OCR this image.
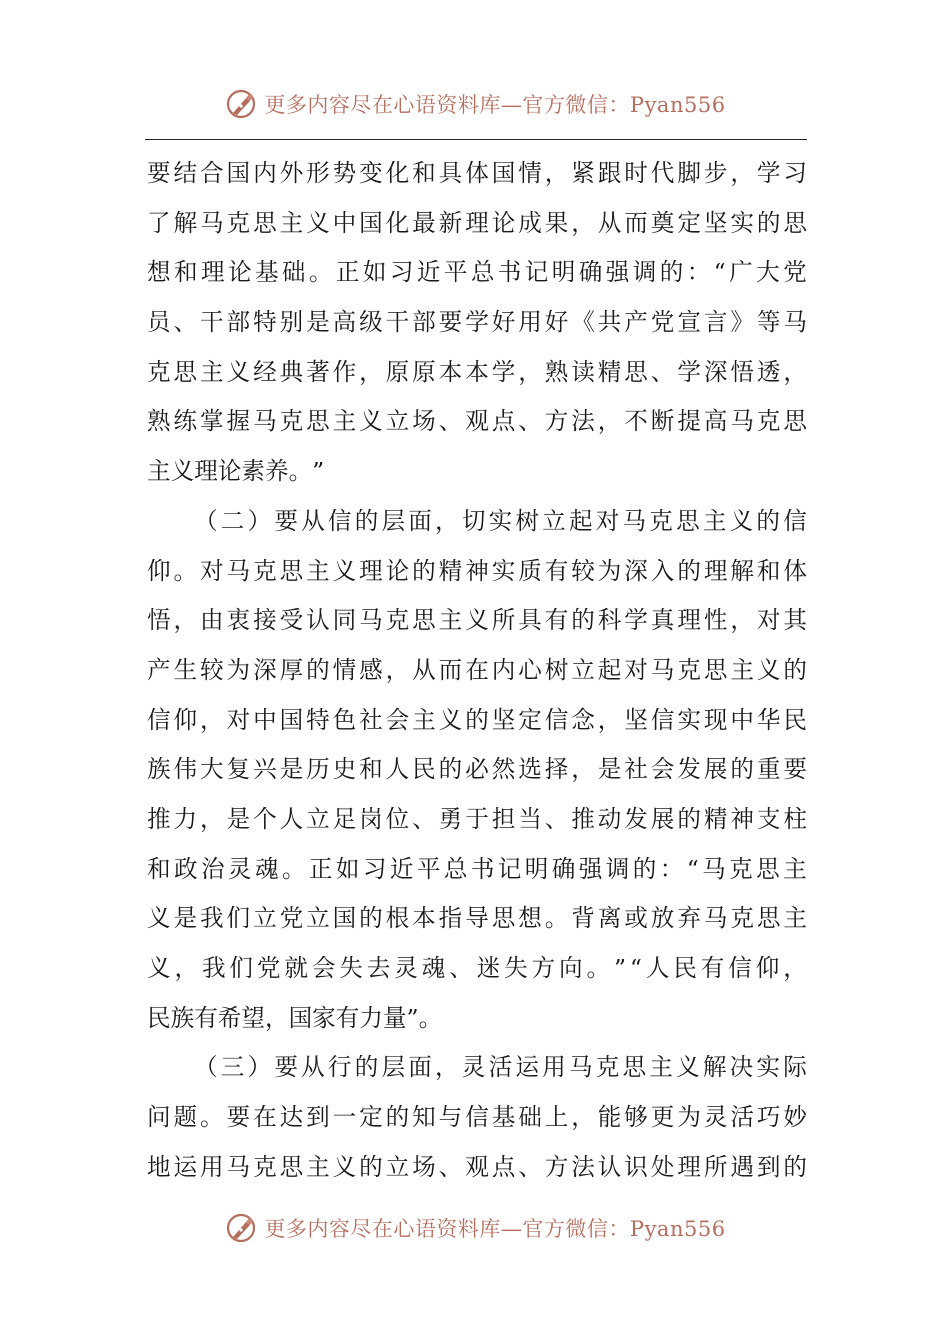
更多内容尽在心语资料库—官方微信：Pyan556
要 结 合 国 内 外 形 势 变 化 和 具 体 国 情 ， 紧 跟 时 代 脚 步 ， 学 习
了 解 马 克 思 主 义 中 国 化 最 新 理 论 成 果 ， 从 而 奠 定 坚 实 的 思
想 和 理 论 基 础 。 正 如 习 近 平 总 书 记 明 确 强 调 的 ： “ 广 大 党
员 、 干 部 特 别 是 高 级 干 部 要 学 好 用 好 《 共 产 党 宣 言 》 等 马
克 思 主 义 经 典 著 作 ， 原 原 本 本 学 ， 熟 读 精 思 、 学 深 悟 透 ，
熟 练 掌 握 马 克 思 主 义 立 场 、 观 点 、 方 法 ， 不 断 提 高 马 克 思
主 义 理 论 素 养 。 ”
（ 二 ） 要 从 信 的 层 面 ， 切 实 树 立 起 对 马 克 思 主 义 的 信
仰 。 对 马 克 思 主 义 理 论 的 精 神 实 质 有 较 为 深 入 的 理 解 和 体
悟 ， 由 衷 接 受 认 同 马 克 思 主 义 所 具 有 的 科 学 真 理 性 ， 对 其
产 生 较 为 深 厚 的 情 感 ， 从 而 在 内 心 树 立 起 对 马 克 思 主 义 的
信 仰 ， 对 中 国 特 色 社 会 主 义 的 坚 定 信 念 ， 坚 信 实 现 中 华 民
族 伟 大 复 兴 是 历 史 和 人 民 的 必 然 选 择 ， 是 社 会 发 展 的 重 要
推 力 ， 是 个 人 立 足 岗 位 、 勇 于 担 当 、 推 动 发 展 的 精 神 支 柱
和 政 治 灵 魂 。 正 如 习 近 平 总 书 记 明 确 强 调 的 ： “ 马 克 思 主
义 是 我 们 立 党 立 国 的 根 本 指 导 思 想 。 背 离 或 放 弃 马 克 思 主
义 ， 我 们 党 就 会 失 去 灵 魂 、 迷 失 方 向 。 ” “ 人 民 有 信 仰 ，
民 族 有 希 望 ， 国 家 有 力 量 ” 。
（ 三 ） 要 从 行 的 层 面 ， 灵 活 运 用 马 克 思 主 义 解 决 实 际
问 题 。 要 在 达 到 一 定 的 知 与 信 基 础 上 ， 能 够 更 为 灵 活 巧 妙
地 运 用 马 克 思 主 义 的 立 场 、 观 点 、 方 法 认 识 处 理 所 遇 到 的
更多内容尽在心语资料库—官方微信：Pyan556
